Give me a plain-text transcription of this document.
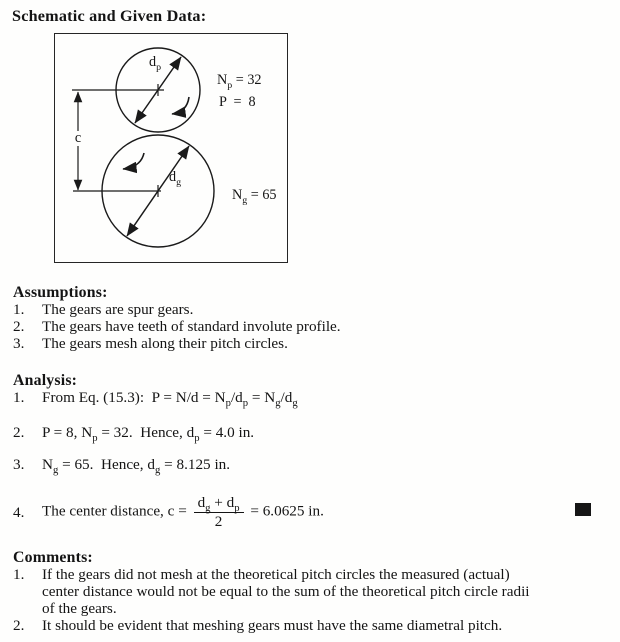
Schematic and Given Data:
$d_p$
$N_p = 32$
P  =  8
c
$d_g$
$N_g = 65$
Assumptions:
1. The gears are spur gears.
2. The gears have teeth of standard involute profile.
3. The gears mesh along their pitch circles.
Analysis:
1. From Eq. (15.3):  $P = N/d = N_p/d_p = N_g/d_g$
2. P = 8, $N_p = 32$.  Hence, $d_p = 4.0$ in.
3. $N_g = 65$.  Hence, $d_g = 8.125$ in.
4.	The center distance, $c = \frac{d_g + d_p}{2} = 6.0625$ in.
Comments:
1.	If the gears did not mesh at the theoretical pitch circles the measured (actual)
center distance would not be equal to the sum of the theoretical pitch circle radii
of the gears.
2. It should be evident that meshing gears must have the same diametral pitch.
